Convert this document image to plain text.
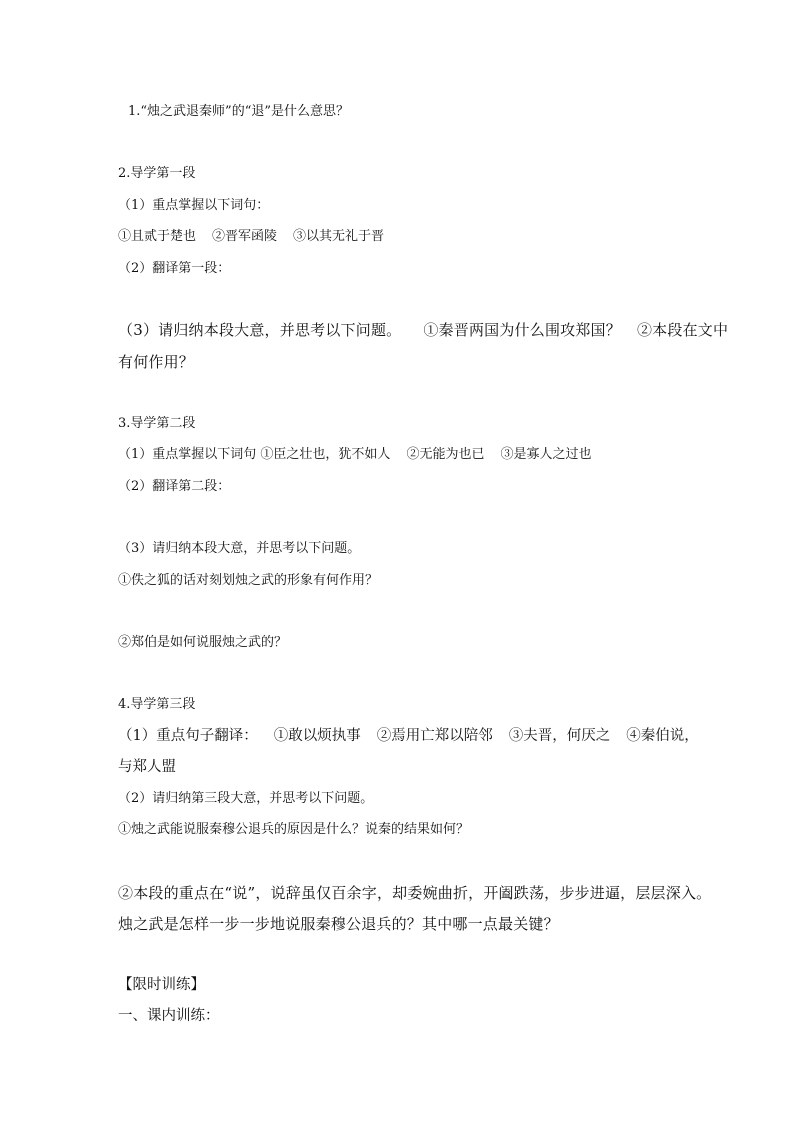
1.“烛之武退秦师”的“退”是什么意思？
2.导学第一段
（1）重点掌握以下词句：
①且贰于楚也 ②晋军函陵 ③以其无礼于晋
（2）翻译第一段：
（3）请归纳本段大意，并思考以下问题。 ①秦晋两国为什么围攻郑国？ ②本段在文中
有何作用？
3.导学第二段
（1）重点掌握以下词句 ①臣之壮也，犹不如人 ②无能为也已 ③是寡人之过也
（2）翻译第二段：
（3）请归纳本段大意，并思考以下问题。
①佚之狐的话对刻划烛之武的形象有何作用？
②郑伯是如何说服烛之武的？
4.导学第三段
（1）重点句子翻译： ①敢以烦执事 ②焉用亡郑以陪邻 ③夫晋，何厌之 ④秦伯说，
与郑人盟
（2）请归纳第三段大意，并思考以下问题。
①烛之武能说服秦穆公退兵的原因是什么？说秦的结果如何？
②本段的重点在“说”，说辞虽仅百余字，却委婉曲折，开阖跌荡，步步进逼，层层深入。
烛之武是怎样一步一步地说服秦穆公退兵的？其中哪一点最关键？
【限时训练】
一、课内训练：
